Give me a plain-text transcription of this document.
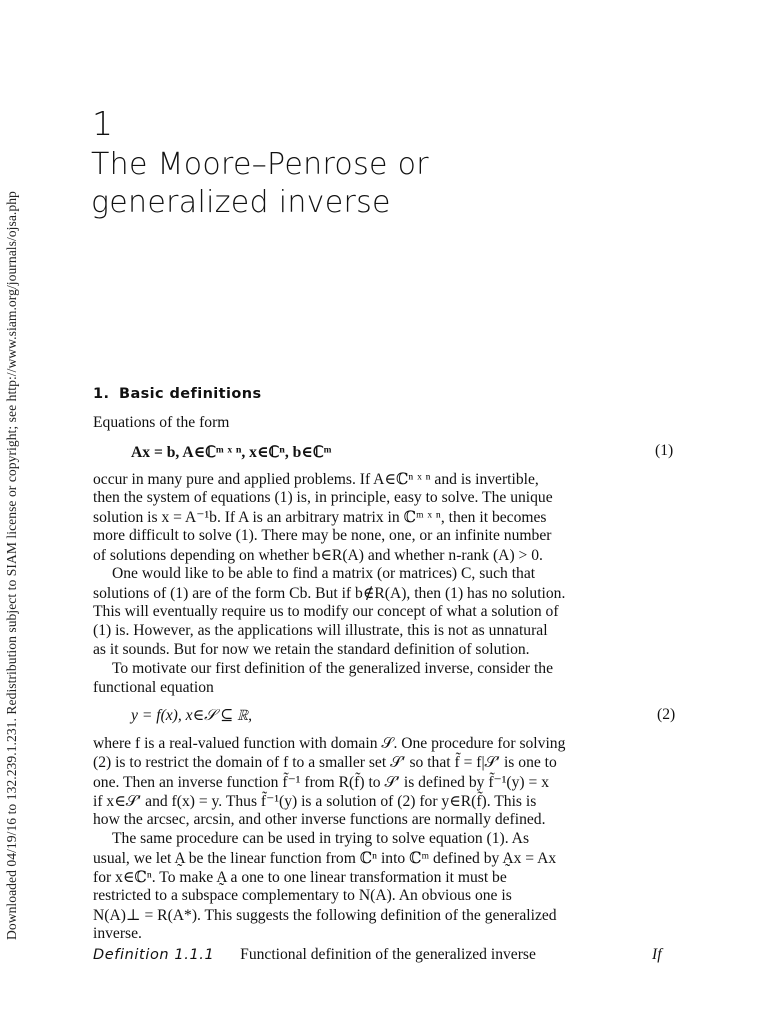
Downloaded 04/19/16 to 132.239.1.231. Redistribution subject to SIAM license or copyright; see http://www.siam.org/journals/ojsa.php
1
The Moore–Penrose or
generalized inverse
1. Basic definitions
Equations of the form
Ax = b, A∈ℂᵐ ˣ ⁿ, x∈ℂⁿ, b∈ℂᵐ	(1)
occur in many pure and applied problems. If A∈ℂⁿ ˣ ⁿ and is invertible,
then the system of equations (1) is, in principle, easy to solve. The unique
solution is x = A⁻¹b. If A is an arbitrary matrix in ℂᵐ ˣ ⁿ, then it becomes
more difficult to solve (1). There may be none, one, or an infinite number
of solutions depending on whether b∈R(A) and whether n-rank (A) > 0.
One would like to be able to find a matrix (or matrices) C, such that
solutions of (1) are of the form Cb. But if b∉R(A), then (1) has no solution.
This will eventually require us to modify our concept of what a solution of
(1) is. However, as the applications will illustrate, this is not as unnatural
as it sounds. But for now we retain the standard definition of solution.
To motivate our first definition of the generalized inverse, consider the
functional equation
y = f(x), x∈𝒮 ⊆ ℝ,	(2)
where f is a real-valued function with domain 𝒮. One procedure for solving
(2) is to restrict the domain of f to a smaller set 𝒮′ so that f̃ = f|𝒮′ is one to
one. Then an inverse function f̃⁻¹ from R(f̃) to 𝒮′ is defined by f̃⁻¹(y) = x
if x∈𝒮′ and f(x) = y. Thus f̃⁻¹(y) is a solution of (2) for y∈R(f̃). This is
how the arcsec, arcsin, and other inverse functions are normally defined.
The same procedure can be used in trying to solve equation (1). As
usual, we let A̰ be the linear function from ℂⁿ into ℂᵐ defined by A̰x = Ax
for x∈ℂⁿ. To make A̰ a one to one linear transformation it must be
restricted to a subspace complementary to N(A). An obvious one is
N(A)⊥ = R(A*). This suggests the following definition of the generalized
inverse.
Definition 1.1.1 Functional definition of the generalized inverse	If
